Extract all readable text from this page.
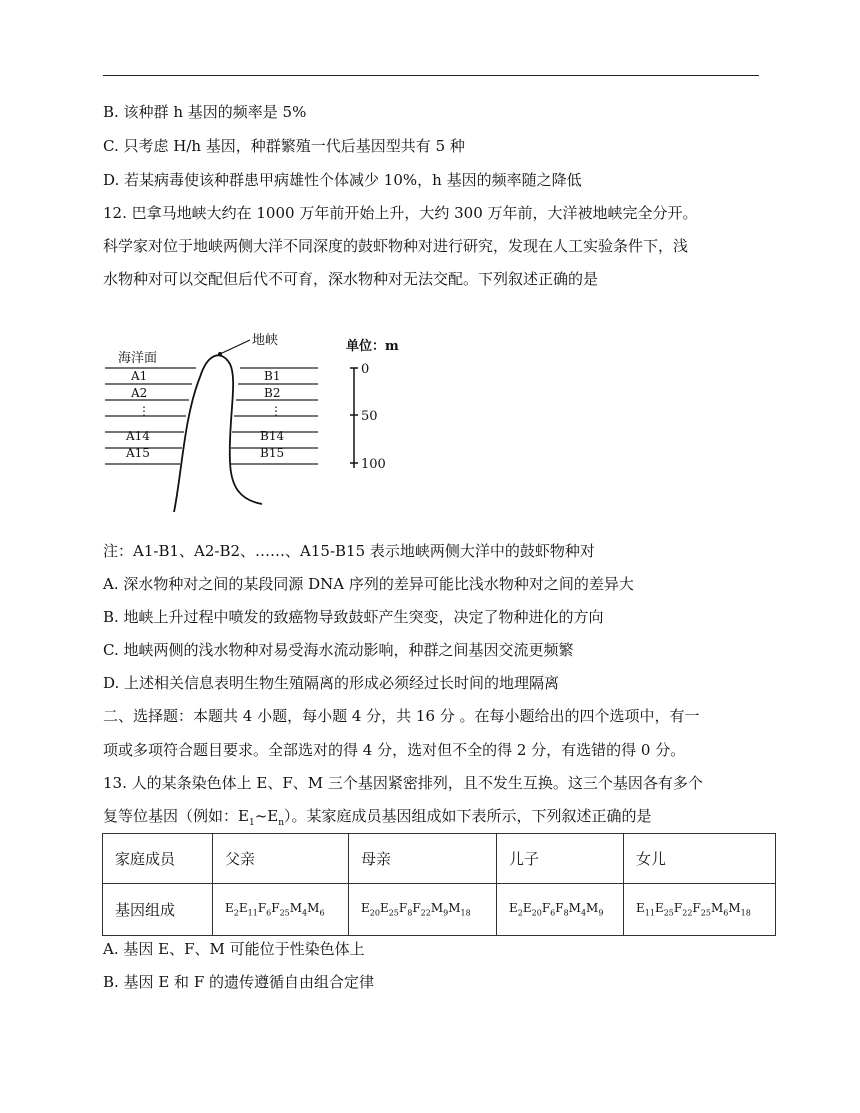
B. 该种群 h 基因的频率是 5%
C. 只考虑 H/h 基因，种群繁殖一代后基因型共有 5 种
D. 若某病毒使该种群患甲病雄性个体减少 10%，h 基因的频率随之降低
12. 巴拿马地峡大约在 1000 万年前开始上升，大约 300 万年前，大洋被地峡完全分开。
科学家对位于地峡两侧大洋不同深度的鼓虾物种对进行研究，发现在人工实验条件下，浅
水物种对可以交配但后代不可育，深水物种对无法交配。下列叙述正确的是
地峡
海洋面
A1
A2
⋮
A14
A15
B1
B2
⋮
B14
B15
单位：m
0
50
100
注：A1-B1、A2-B2、……、A15-B15 表示地峡两侧大洋中的鼓虾物种对
A. 深水物种对之间的某段同源 DNA 序列的差异可能比浅水物种对之间的差异大
B. 地峡上升过程中喷发的致癌物导致鼓虾产生突变，决定了物种进化的方向
C. 地峡两侧的浅水物种对易受海水流动影响，种群之间基因交流更频繁
D. 上述相关信息表明生物生殖隔离的形成必须经过长时间的地理隔离
二、选择题：本题共 4 小题，每小题 4 分，共 16 分 。在每小题给出的四个选项中，有一
项或多项符合题目要求。全部选对的得 4 分，选对但不全的得 2 分，有选错的得 0 分。
13. 人的某条染色体上 E、F、M 三个基因紧密排列，且不发生互换。这三个基因各有多个
复等位基因（例如：$E_1\sim E_n$）。某家庭成员基因组成如下表所示，下列叙述正确的是
家庭成员	父亲	母亲	儿子	女儿
基因组成	$E_2E_{11}F_6F_{25}M_4M_6$	$E_{20}E_{25}F_8F_{22}M_9M_{18}$	$E_2E_{20}F_6F_8M_4M_9$	$E_{11}E_{25}F_{22}F_{25}M_6M_{18}$
A. 基因 E、F、M 可能位于性染色体上
B. 基因 E 和 F 的遗传遵循自由组合定律
